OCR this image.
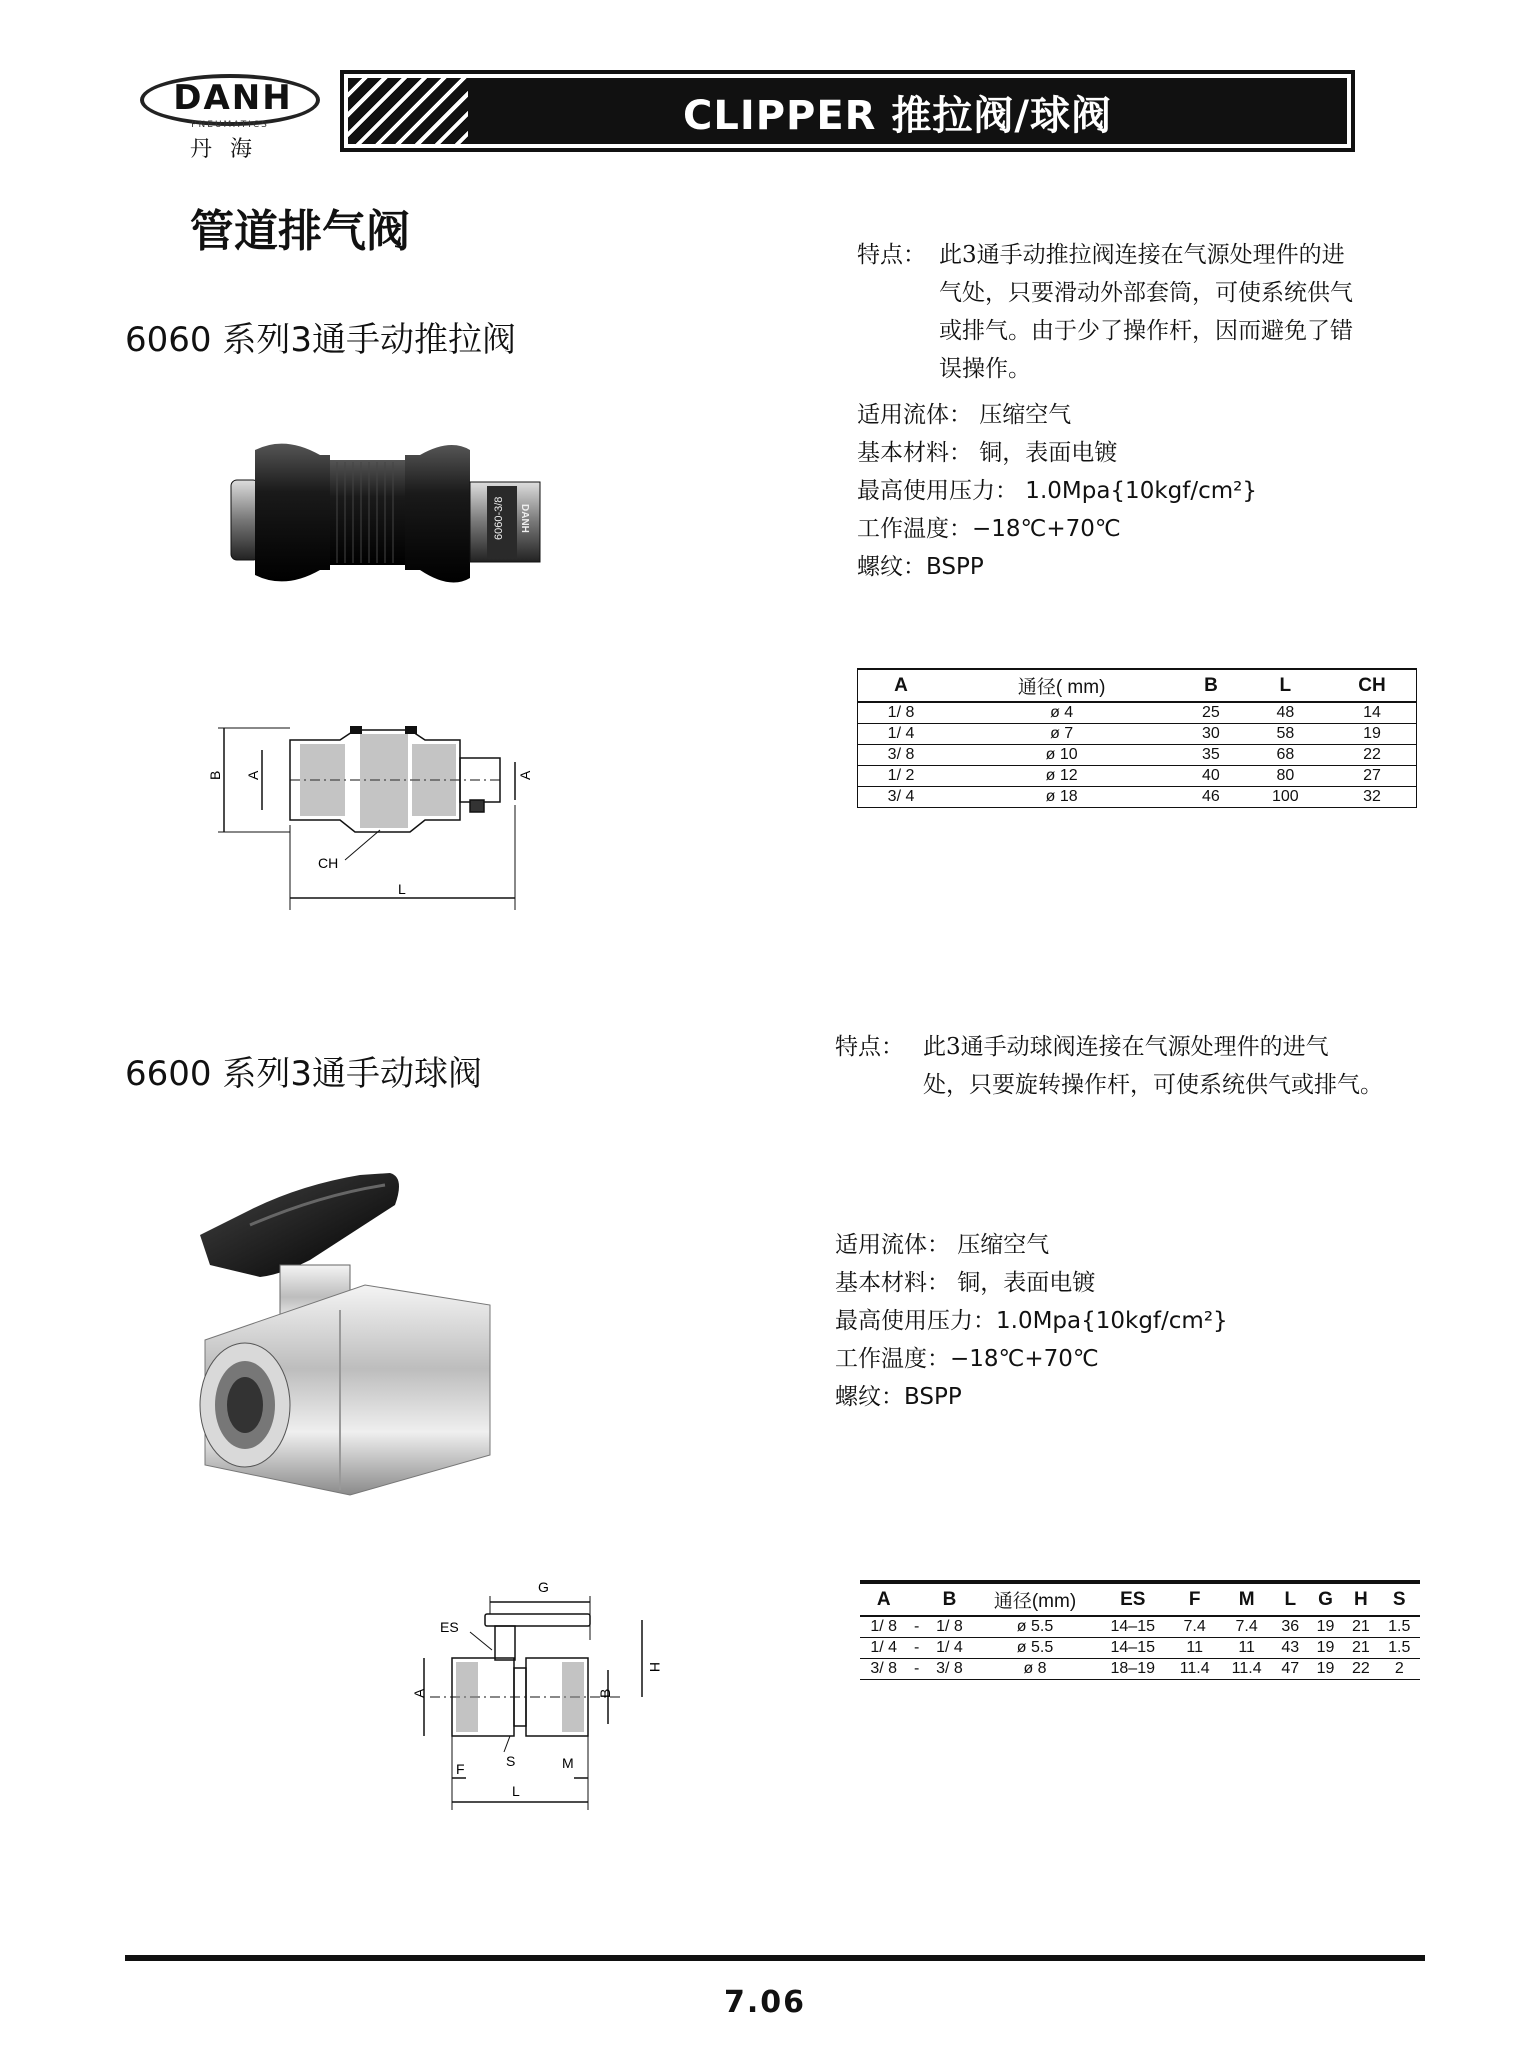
DANH
PNEUMATICS
丹海
CLIPPER 推拉阀/球阀
管道排气阀
6060 系列3通手动推拉阀
特点： 此3通手动推拉阀连接在气源处理件的进
气处，只要滑动外部套筒，可使系统供气
或排气。由于少了操作杆，因而避免了错
误操作。
适用流体： 压缩空气
基本材料： 铜，表面电镀
最高使用压力： 1.0Mpa{10kgf/cm²}
工作温度：−18℃+70℃
螺纹：BSPP
6060-3/8 DANH
B A	A
CH
L
A	通径( mm)	B	L	CH
1/ 8	ø 4	25	48	14
1/ 4	ø 7	30	58	19
3/ 8	ø 10	35	68	22
1/ 2	ø 12	40	80	27
3/ 4	ø 18	46	100	32
6600 系列3通手动球阀
特点： 此3通手动球阀连接在气源处理件的进气
处，只要旋转操作杆，可使系统供气或排气。
适用流体： 压缩空气
基本材料： 铜，表面电镀
最高使用压力：1.0Mpa{10kgf/cm²}
工作温度：−18℃+70℃
螺纹：BSPP
G
ES
H
A	B
F	S	M
L
A		B	通径(mm)	ES	F	M	L	G	H	S
1/ 8	-	1/ 8	ø 5.5	14–15	7.4	7.4	36	19	21	1.5
1/ 4	-	1/ 4	ø 5.5	14–15	11	11	43	19	21	1.5
3/ 8	-	3/ 8	ø 8	18–19	11.4	11.4	47	19	22	2
7.06
